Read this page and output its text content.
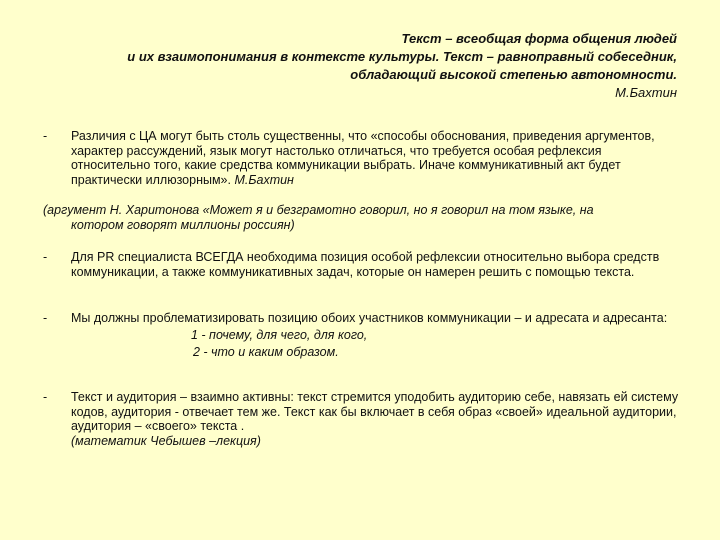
Текст – всеобщая форма общения людей
и их взаимопонимания в контексте культуры. Текст – равноправный собеседник,
обладающий высокой степенью автономности.
М.Бахтин
-	Различия с ЦА могут быть столь существенны, что «способы обоснования, приведения аргументов, характер рассуждений, язык могут настолько отличаться, что требуется особая рефлексия относительно того, какие средства коммуникации выбрать. Иначе коммуникативный акт будет практически иллюзорным». М.Бахтин
(аргумент Н. Харитонова «Может я и безграмотно говорил, но я говорил на том языке, на
котором говорят миллионы россиян)
-	Для PR специалиста ВСЕГДА необходима позиция особой рефлексии относительно выбора средств коммуникации, а также коммуникативных задач, которые он намерен решить с помощью текста.
-	Мы должны проблематизировать позицию обоих участников коммуникации – и адресата и адресанта:
1 - почему, для чего, для кого,
2 - что и каким образом.
-	Текст и аудитория – взаимно активны: текст стремится уподобить аудиторию себе, навязать ей систему кодов, аудитория - отвечает тем же. Текст как бы включает в себя образ «своей» идеальной аудитории, аудитория – «своего» текста .
(математик Чебышев –лекция)
